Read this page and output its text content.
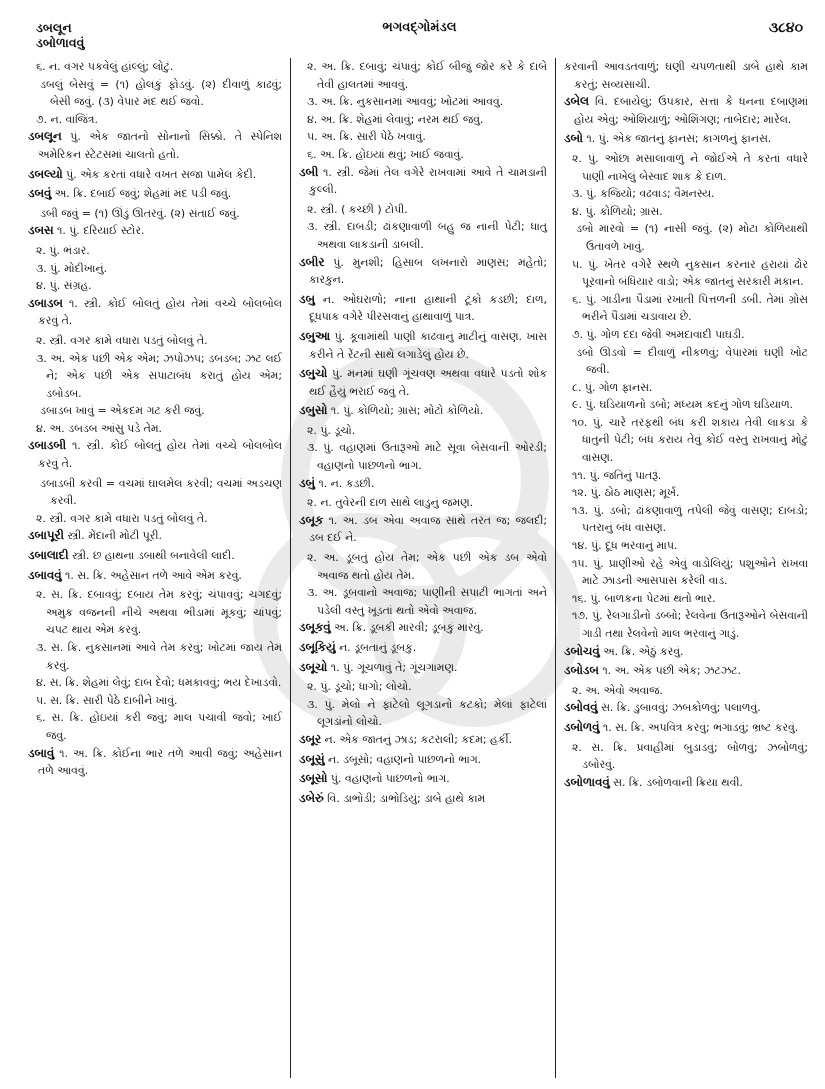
ડબલૂન
ડબોળાવવું
ભગવદ્ગોમંડલ	૩૮૪૦

૬. ન. વગર પકવેલું હાંલ્લું; લોટું.

ડબલું બેસવું = (૧) હોલકું ફોડવું. (૨) દીવાળું કાઢવું; બેસી જવું. (૩) વેપાર મંદ થઈ જવો.

૭. ન. વાજિંત્ર.

ડબલૂન પું. એક જાતનો સોનાનો સિક્કો. તે સ્પેનિશ અમેરિકન સ્ટેટસમાં ચાલતો હતો.

ડબલ્યો પું. એક કરતાં વધારે વખત સજા પામેલ કેદી.

ડબવું અ. ક્રિ. દબાઈ જવું; શેહમાં મંદ પડી જવું.

ડબી જવું = (૧) ઊંડું ઊતરવું. (૨) સંતાઈ જવું.

ડબસ ૧. પું. દરિયાઈ સ્ટોર.

૨. પું. ભંડાર.

૩. પું. મોદીખાનું.

૪. પું. સંગ્રહ.

ડબાડબ ૧. સ્ત્રી. કોઈ બોલતું હોય તેમાં વચ્ચે બોલબોલ કરવું તે.

૨. સ્ત્રી. વગર કામે વધારા પડતું બોલવું તે.

૩. અ. એક પછી એક એમ; ઝપોઝપ; ડબડબ; ઝટ લઈ ને; એક પછી એક સપાટાબંધ કરાતું હોય એમ; ડબોડબ.

ડબાડબ ખાવું = એકદમ ગટ કરી જવું.

૪. અ. ડબડબ આંસુ પડે તેમ.

ડબાડબી ૧. સ્ત્રી. કોઈ બોલતું હોય તેમાં વચ્ચે બોલબોલ કરવું તે.

ડબાડબી કરવી = વચમાં ઘાલમેલ કરવી; વચમાં અડચણ કરવી.

૨. સ્ત્રી. વગર કામે વધારા પડતું બોલવું તે.

ડબાપૂરી સ્ત્રી. મેંદાની મોટી પૂરી.

ડબાલાદી સ્ત્રી. છ હાથના ડબાથી બનાવેલી લાદી.

ડબાવવું ૧. સ. ક્રિ. અહેસાન તળે આવે એમ કરવું.

૨. સ. ક્રિ. દબાવવું; દબાય તેમ કરવું; ચંપાવવું; ચગદવું; અમુક વજનની નીચે અથવા ભીડામાં મૂકવું; ચાંપવું; ચપટ થાય એમ કરવું.

૩. સ. ક્રિ. નુકસાનમાં આવે તેમ કરવું; ખોટમાં જાય તેમ કરવું.

૪. સ. ક્રિ. શેહમાં લેવું; દાબ દેવો; ધમકાવવું; ભય દેખાડવો.

૫. સ. ક્રિ. સારી પેઠે દાબીને ખાવું.

૬. સ. ક્રિ. હોઇયાં કરી જવું; માલ પચાવી જવો; ખાઈ જવું.

ડબાવું ૧. અ. ક્રિ. કોઈના ભાર તળે આવી જવું; અહેસાન તળે આવવું.

૨. અ. ક્રિ. દબાવું; ચંપાવું; કોઈ બીજું જોર કરે કે દાબે તેવી હાલતમાં આવવું.

૩. અ. ક્રિ. નુકસાનમાં આવવું; ખોટમાં આવવું.

૪. અ. ક્રિ. શેહમાં લેવાવું; નરમ થઈ જવું.

૫. અ. ક્રિ. સારી પેઠે ખવાવું.

૬. અ. ક્રિ. હોઇયાં થવું; ખાઈ જવાવું.

ડબી ૧. સ્ત્રી. જેમાં તેલ વગેરે રાખવામાં આવે તે ચામડાની કુલ્લી.

૨. સ્ત્રી. ( કચ્છી ) ટોપી.

૩. સ્ત્રી. દાબડી; ઢાંકણાવાળી બહુ જ નાની પેટી; ધાતુ અથવા લાકડાની ડાબલી.

ડબીર પું. મુનશી; હિસાબ લખનારો માણસ; મહેતો; કારકુન.

ડબુ ન. ઓઘરાળો; નાના હાથાની ટૂંકો કડછી; દાળ, દૂધપાક વગેરે પીરસવાનું હાથાવાળું પાત્ર.

ડબુઆ પું. કૂવામાંથી પાણી કાઢવાનું માટીનું વાસણ. ખાસ કરીને તે રેંટની સાથે લગાડેલું હોય છે.

ડબુચો પું. મનમાં ઘણી ગૂંચવણ અથવા વધારે પડતો શોક થઈ હૈયું ભરાઈ જવું તે.

ડબુસો ૧. પું. કોળિયો; ગ્રાસ; મોટો કોળિયો.

૨. પું. ડૂચો.

૩. પું. વહાણમાં ઉતારૂઓ માટે સૂવા બેસવાની ઓરડી; વહાણનો પાછળનો ભાગ.

ડબું ૧. ન. કડછી.

૨. ન. તુવેરની દાળ સાથે લાડુનું જમણ.

ડબૂક ૧. અ. ડબ એવા અવાજ સાથે તરત જ; જલદી; ડબ દઈ ને.

૨. અ. ડૂબતું હોય તેમ; એક પછી એક ડબ એવો અવાજ થતો હોય તેમ.

૩. અ. ડૂબવાનો અવાજ; પાણીની સપાટી ભાગતાં અને પડેલી વસ્તુ ખૂડતાં થતો એવો અવાજ.

ડબૂકવું અ. ક્રિ. ડૂબકી મારવી; ડૂબકું મારવું.

ડબૂકિયું ન. ડૂબતાનું ડૂબકું.

ડબૂચો ૧. પું. ગૂંચળાવું તે; ગૂંચગામણ.

૨. પું. ડૂચો; ધાગો; લોચો.

૩. પું. મેલો ને ફાટેલો લૂગડાનો કટકો; મેલાં ફાટેલાં લૂગડાંનો લોચો.

ડબૂર ન. એક જાતનું ઝાડ; કટરાલી; કદમ; હર્કી.

ડબૂસું ન. ડબૂસો; વહાણનો પાછળનો ભાગ.

ડબૂસો પું. વહાણનો પાછળનો ભાગ.

ડબેરું વિ. ડાભોડી; ડાભોડિયું; ડાબે હાથે કામ

કરવાની આવડતવાળું; ઘણી ચપળતાથી ડાબે હાથે કામ કરતું; સવ્યસાચી.

ડબેલ વિ. દબાયેલું; ઉપકાર, સત્તા કે ધનના દબાણમાં હોય એવું; ઓશિયાળું; ઓશિંગણ; તાબેદાર; મારેલ.

ડબો ૧. પું. એક જાતનું ફાનસ; કાગળનું ફાનસ.

૨. પું. ઓછા મસાલાવાળું ને જોઈએ તે કરતાં વધારે પાણી નાખેલું બેસ્વાદ શાક કે દાળ.

૩. પું. કજિયો; વઢવાડ; વૈમનસ્ય.

૪. પું. કોળિયો; ગ્રાસ.

ડબો મારવો = (૧) નાસી જવું. (૨) મોટા કોળિયાથી ઉતાવળે ખાવું.

૫. પું. ખેતર વગેરે સ્થળે નુકસાન કરનાર હરાયાં ઢોર પૂરવાનો બંધિયાર વાડો; એક જાતનું સરકારી મકાન.

૬. પું. ગાડીના પૈડામાં રખાતી પિત્તળની ડબી. તેમાં ગ્રોસ ભરીને પૈડામાં ચડાવાય છે.

૭. પું. ગોળ દદા જેવી અમદાવાદી પાઘડી.

ડબો ઊડવો = દીવાળું નીકળવું; વેપારમાં ઘણી ખોટ જવી.

૮. પું. ગોળ ફાનસ.

૯. પું. ઘડિયાળનો ડબો; મધ્યમ કદનું ગોળ ઘડિયાળ.

૧૦. પું. ચારે તરફથી બંધ કરી શકાય તેવી લાકડા કે ધાતુની પેટી; બંધ કરાય તેવું કોઈ વસ્તુ રાખવાનું મોટું વાસણ.

૧૧. પું. જતિનું પાતરૂં.

૧૨. પું. ઠોઠ માણસ; મૂર્ખ.

૧૩. પું. ડબો; ઢાંકણાવાળું તપેલી જેવું વાસણ; દાબડો; પતરાનું બંધ વાસણ.

૧૪. પું. દૂધ ભરવાનું માપ.

૧૫. પું. પ્રાણીઓ રહે એવું વાડોલિયું; પશુઓને રાખવા માટે ઝાડની આસપાસ કરેલી વાડ.

૧૬. પું. બાળકના પેટમાં થતો ભાર.

૧૭. પું. રેલગાડીનો ડબ્બો; રેલવેના ઉતારૂઓને બેસવાની ગાડી તથા રેલવેનો માલ ભરવાનું ગાડું.

ડબોચવું અ. ક્રિ. એઠું કરવું.

ડબોડબ ૧. અ. એક પછી એક; ઝટઝટ.

૨. અ. એવો અવાજ.

ડબોવવું સ. ક્રિ. ડુબાવવું; ઝબકોળવું; પલાળવું.

ડબોળવું ૧. સ. ક્રિ. અપવિત્ર કરવું; ભગાડવું; ભ્રષ્ટ કરવું.

૨. સ. ક્રિ. પ્રવાહીમાં બુડાડવું; બોળવું; ઝબોળવું; ડબોરવું.

ડબોળાવવું સ. ક્રિ. ડબોળવાની ક્રિયા થવી.
